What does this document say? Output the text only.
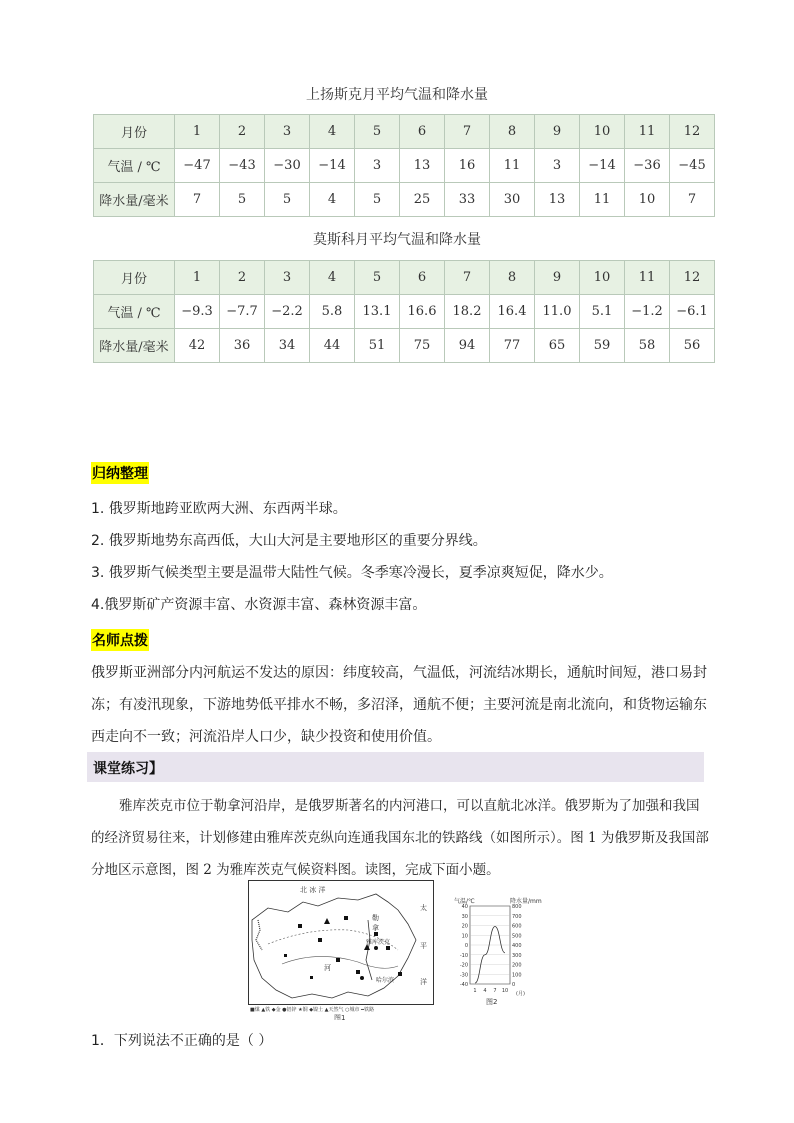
上扬斯克月平均气温和降水量
月份	1	2	3	4	5	6	7	8	9	10	11	12
气温 / ℃	−47	−43	−30	−14	3	13	16	11	3	−14	−36	−45
降水量/毫米	7	5	5	4	5	25	33	30	13	11	10	7
莫斯科月平均气温和降水量
月份	1	2	3	4	5	6	7	8	9	10	11	12
气温 / ℃	−9.3	−7.7	−2.2	5.8	13.1	16.6	18.2	16.4	11.0	5.1	−1.2	−6.1
降水量/毫米	42	36	34	44	51	75	94	77	65	59	58	56
归纳整理
1. 俄罗斯地跨亚欧两大洲、东西两半球。
2. 俄罗斯地势东高西低，大山大河是主要地形区的重要分界线。
3. 俄罗斯气候类型主要是温带大陆性气候。冬季寒冷漫长，夏季凉爽短促，降水少。
4.俄罗斯矿产资源丰富、水资源丰富、森林资源丰富。
名师点拨
俄罗斯亚洲部分内河航运不发达的原因：纬度较高，气温低，河流结冰期长，通航时间短，港口易封冻；有凌汛现象，下游地势低平排水不畅，多沼泽，通航不便；主要河流是南北流向，和货物运输东西走向不一致；河流沿岸人口少，缺少投资和使用价值。
课堂练习】
雅库茨克市位于勒拿河沿岸，是俄罗斯著名的内河港口，可以直航北冰洋。俄罗斯为了加强和我国的经济贸易往来，计划修建由雅库茨克纵向连通我国东北的铁路线（如图所示）。图 1 为俄罗斯及我国部分地区示意图，图 2 为雅库茨克气候资料图。读图，完成下面小题。
北 冰 洋
太
平
洋
雅库茨克
哈尔滨
河
勒
拿
■煤 ▲铁 ◆金 ●铝锌 ★铜 ◆镍土 ▲天然气 ○城市 ━铁路
图1
气温/℃	降水量/mm
40
30
20
10
0
-10
-20
-30
-40
800
700
600
500
400
300
200
100
0
1 4 7 10 (月)
图2
1．下列说法不正确的是（ ）
